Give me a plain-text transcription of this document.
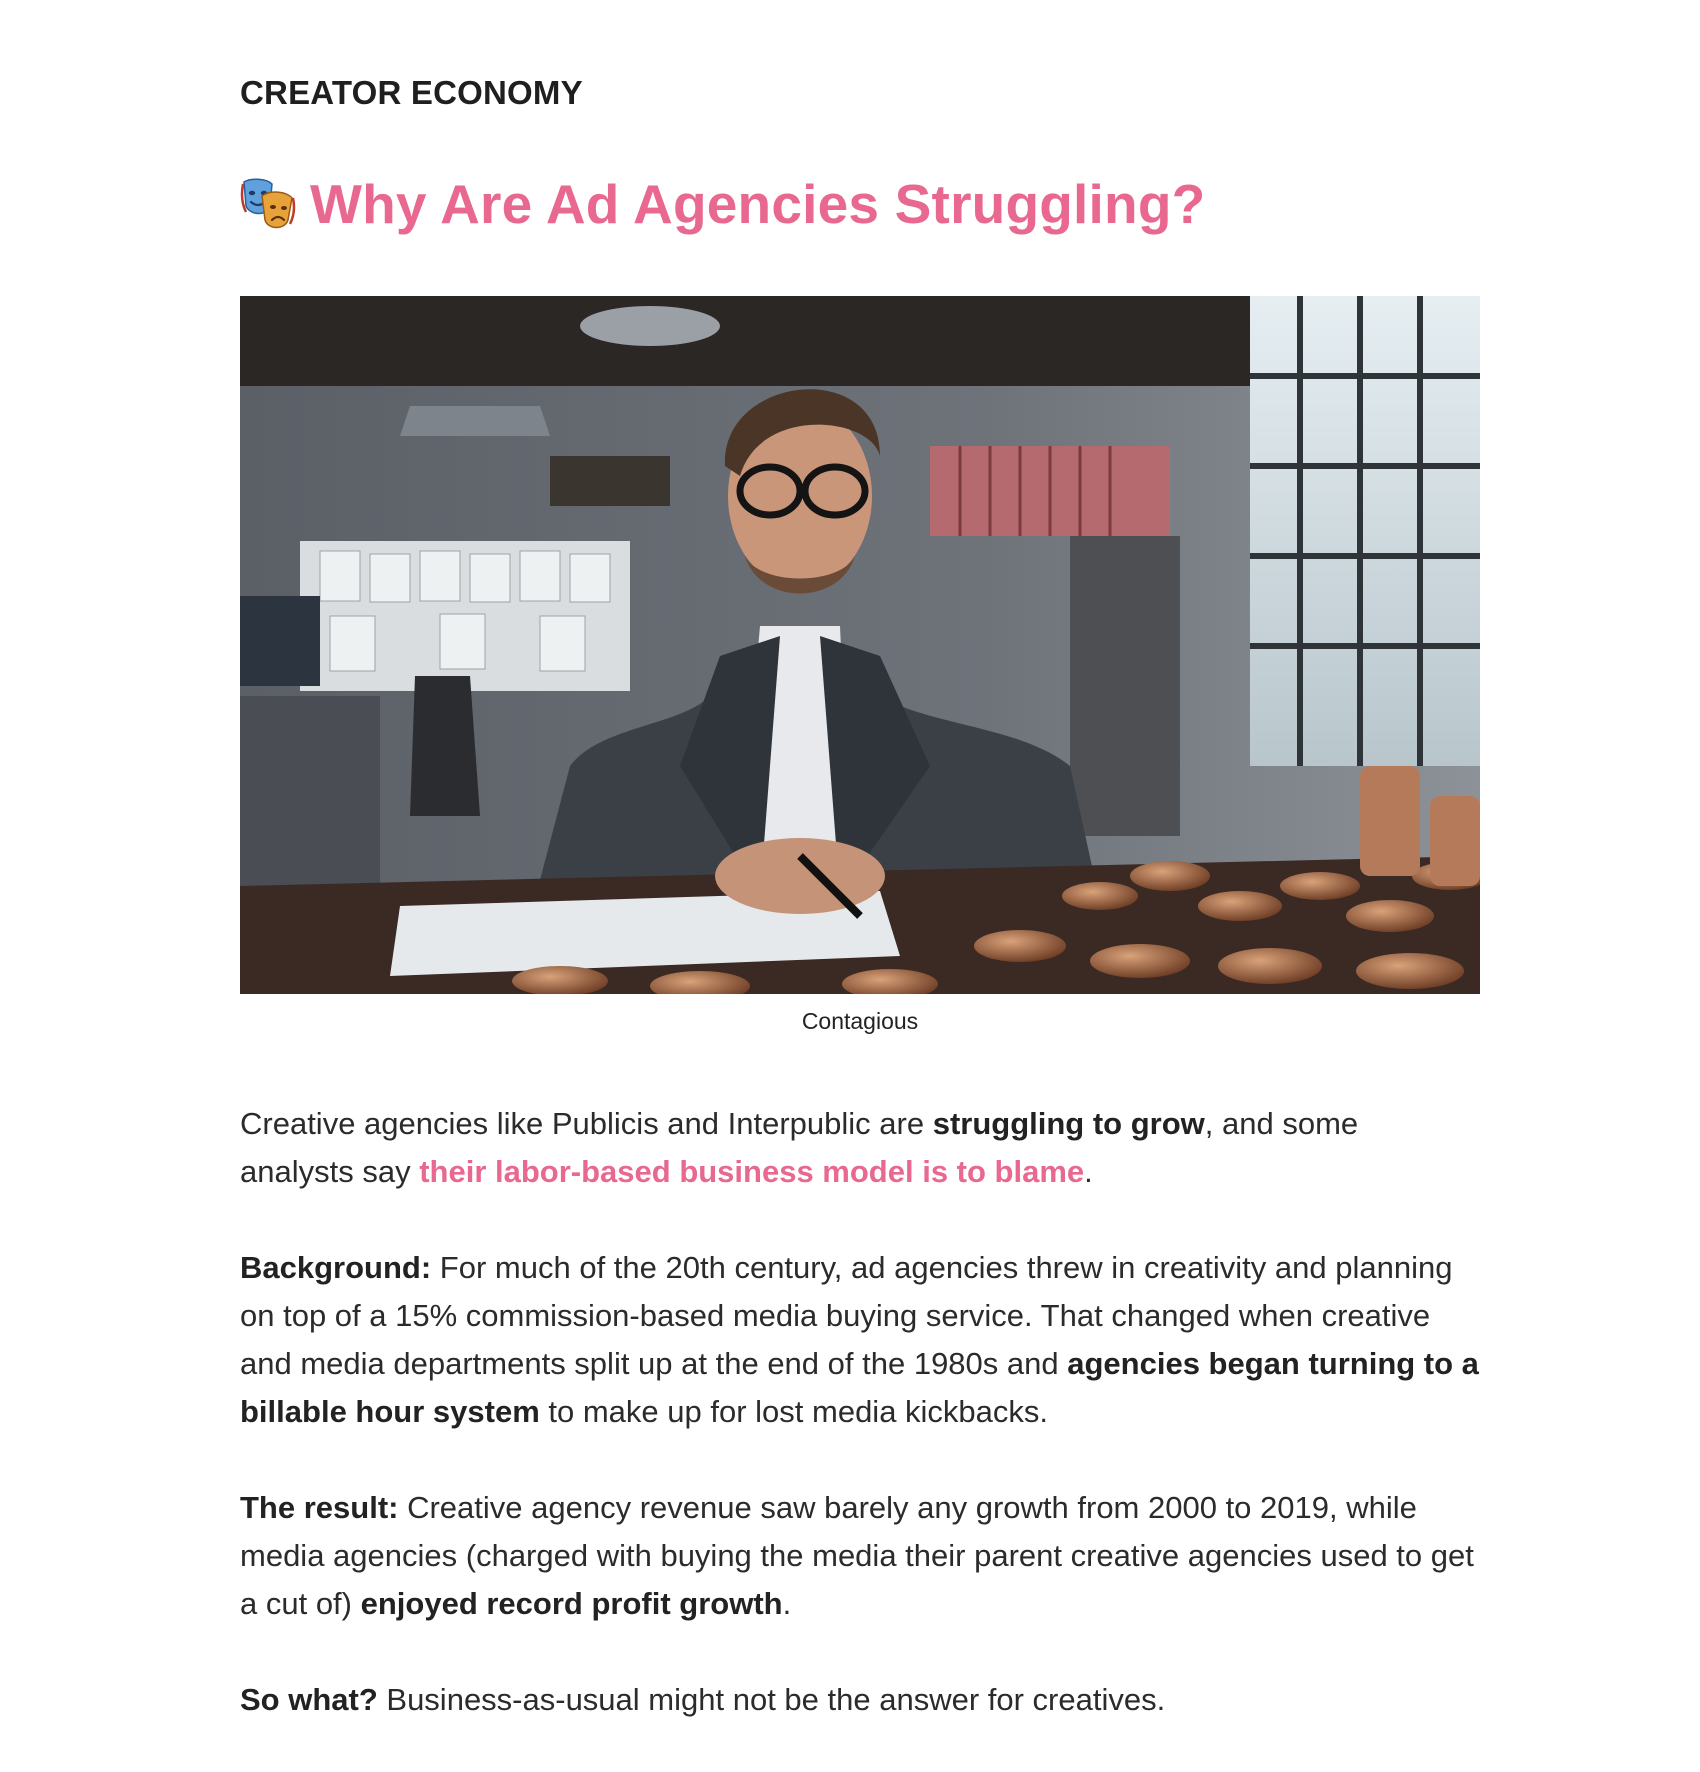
CREATOR ECONOMY
Why Are Ad Agencies Struggling?
Contagious

Creative agencies like Publicis and Interpublic are struggling to grow, and some analysts say their labor-based business model is to blame.

Background: For much of the 20th century, ad agencies threw in creativity and planning on top of a 15% commission-based media buying service. That changed when creative and media departments split up at the end of the 1980s and agencies began turning to a billable hour system to make up for lost media kickbacks.

The result: Creative agency revenue saw barely any growth from 2000 to 2019, while media agencies (charged with buying the media their parent creative agencies used to get a cut of) enjoyed record profit growth.

So what? Business-as-usual might not be the answer for creatives.
